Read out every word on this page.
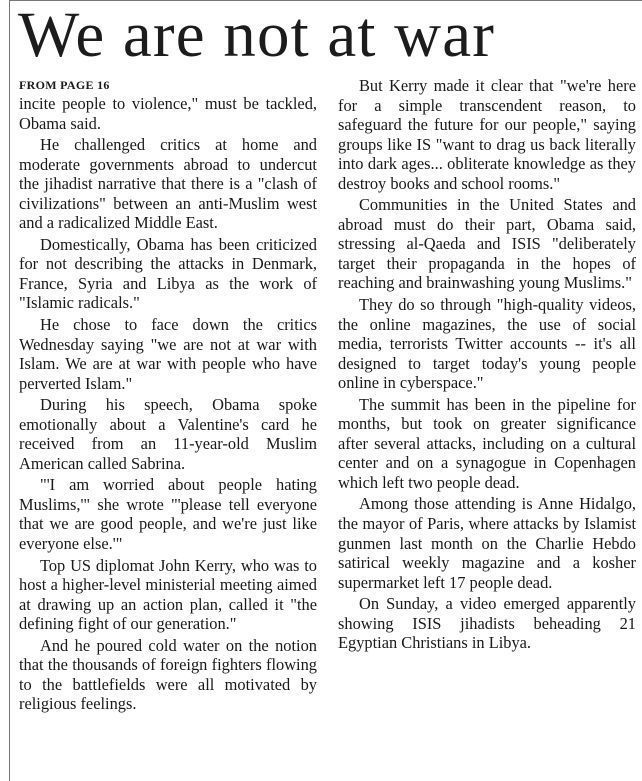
We are not at war
FROM PAGE 16

incite people to violence," must be tackled, Obama said.

He challenged critics at home and moderate governments abroad to undercut the jihadist narrative that there is a "clash of civilizations" between an anti-Muslim west and a radicalized Middle East.

Domestically, Obama has been criticized for not describing the attacks in Denmark, France, Syria and Libya as the work of "Islamic radicals."

He chose to face down the critics Wednesday saying "we are not at war with Islam. We are at war with people who have perverted Islam."

During his speech, Obama spoke emotionally about a Valentine's card he received from an 11-year-old Muslim American called Sabrina.

"'I am worried about people hating Muslims,'" she wrote "'please tell everyone that we are good people, and we're just like everyone else.'"

Top US diplomat John Kerry, who was to host a higher-level ministerial meeting aimed at drawing up an action plan, called it "the defining fight of our generation."

And he poured cold water on the notion that the thousands of foreign fighters flowing to the battlefields were all motivated by religious feelings.

But Kerry made it clear that "we're here for a simple transcendent reason, to safeguard the future for our people," saying groups like IS "want to drag us back literally into dark ages... obliterate knowledge as they destroy books and school rooms."

Communities in the United States and abroad must do their part, Obama said, stressing al-Qaeda and ISIS "deliberately target their propaganda in the hopes of reaching and brainwashing young Muslims."

They do so through "high-quality videos, the online magazines, the use of social media, terrorists Twitter accounts -- it's all designed to target today's young people online in cyberspace."

The summit has been in the pipeline for months, but took on greater significance after several attacks, including on a cultural center and on a synagogue in Copenhagen which left two people dead.

Among those attending is Anne Hidalgo, the mayor of Paris, where attacks by Islamist gunmen last month on the Charlie Hebdo satirical weekly magazine and a kosher supermarket left 17 people dead.

On Sunday, a video emerged apparently showing ISIS jihadists beheading 21 Egyptian Christians in Libya.
